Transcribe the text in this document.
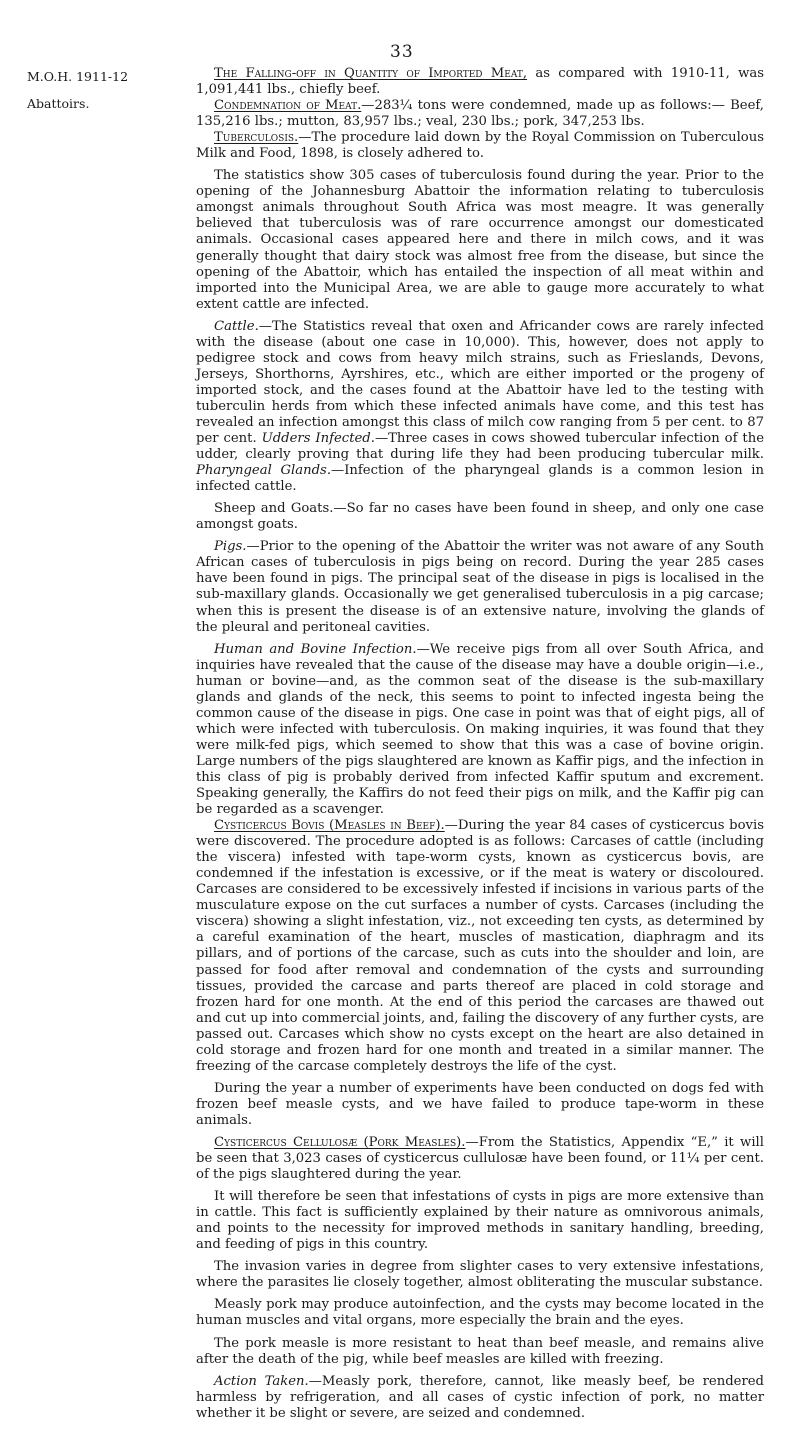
33
M.O.H. 1911-12
Abattoirs.

The Falling-off in Quantity of Imported Meat, as compared with 1910-11, was 1,091,441 lbs., chiefly beef.

Condemnation of Meat.—283¼ tons were condemned, made up as follows:— Beef, 135,216 lbs.; mutton, 83,957 lbs.; veal, 230 lbs.; pork, 347,253 lbs.

Tuberculosis.—The procedure laid down by the Royal Commission on Tuberculous Milk and Food, 1898, is closely adhered to.

The statistics show 305 cases of tuberculosis found during the year. Prior to the opening of the Johannesburg Abattoir the information relating to tuberculosis amongst animals throughout South Africa was most meagre. It was generally believed that tuberculosis was of rare occurrence amongst our domesticated animals. Occasional cases appeared here and there in milch cows, and it was generally thought that dairy stock was almost free from the disease, but since the opening of the Abattoir, which has entailed the inspection of all meat within and imported into the Municipal Area, we are able to gauge more accurately to what extent cattle are infected.

Cattle.—The Statistics reveal that oxen and Africander cows are rarely infected with the disease (about one case in 10,000). This, however, does not apply to pedigree stock and cows from heavy milch strains, such as Frieslands, Devons, Jerseys, Shorthorns, Ayrshires, etc., which are either imported or the progeny of imported stock, and the cases found at the Abattoir have led to the testing with tuberculin herds from which these infected animals have come, and this test has revealed an infection amongst this class of milch cow ranging from 5 per cent. to 87 per cent. Udders Infected.—Three cases in cows showed tubercular infection of the udder, clearly proving that during life they had been producing tubercular milk. Pharyngeal Glands.—Infection of the pharyngeal glands is a common lesion in infected cattle.

Sheep and Goats.—So far no cases have been found in sheep, and only one case amongst goats.

Pigs.—Prior to the opening of the Abattoir the writer was not aware of any South African cases of tuberculosis in pigs being on record. During the year 285 cases have been found in pigs. The principal seat of the disease in pigs is localised in the sub-maxillary glands. Occasionally we get generalised tuberculosis in a pig carcase; when this is present the disease is of an extensive nature, involving the glands of the pleural and peritoneal cavities.

Human and Bovine Infection.—We receive pigs from all over South Africa, and inquiries have revealed that the cause of the disease may have a double origin—i.e., human or bovine—and, as the common seat of the disease is the sub-maxillary glands and glands of the neck, this seems to point to infected ingesta being the common cause of the disease in pigs. One case in point was that of eight pigs, all of which were infected with tuberculosis. On making inquiries, it was found that they were milk-fed pigs, which seemed to show that this was a case of bovine origin. Large numbers of the pigs slaughtered are known as Kaffir pigs, and the infection in this class of pig is probably derived from infected Kaffir sputum and excrement. Speaking generally, the Kaffirs do not feed their pigs on milk, and the Kaffir pig can be regarded as a scavenger.

Cysticercus Bovis (Measles in Beef).—During the year 84 cases of cysticercus bovis were discovered. The procedure adopted is as follows: Carcases of cattle (including the viscera) infested with tape-worm cysts, known as cysticercus bovis, are condemned if the infestation is excessive, or if the meat is watery or discoloured. Carcases are considered to be excessively infested if incisions in various parts of the musculature expose on the cut surfaces a number of cysts. Carcases (including the viscera) showing a slight infestation, viz., not exceeding ten cysts, as determined by a careful examination of the heart, muscles of mastication, diaphragm and its pillars, and of portions of the carcase, such as cuts into the shoulder and loin, are passed for food after removal and condemnation of the cysts and surrounding tissues, provided the carcase and parts thereof are placed in cold storage and frozen hard for one month. At the end of this period the carcases are thawed out and cut up into commercial joints, and, failing the discovery of any further cysts, are passed out. Carcases which show no cysts except on the heart are also detained in cold storage and frozen hard for one month and treated in a similar manner. The freezing of the carcase completely destroys the life of the cyst.

During the year a number of experiments have been conducted on dogs fed with frozen beef measle cysts, and we have failed to produce tape-worm in these animals.

Cysticercus Cellulosæ (Pork Measles).—From the Statistics, Appendix “E,” it will be seen that 3,023 cases of cysticercus cullulosæ have been found, or 11¼ per cent. of the pigs slaughtered during the year.

It will therefore be seen that infestations of cysts in pigs are more extensive than in cattle. This fact is sufficiently explained by their nature as omnivorous animals, and points to the necessity for improved methods in sanitary handling, breeding, and feeding of pigs in this country.

The invasion varies in degree from slighter cases to very extensive infestations, where the parasites lie closely together, almost obliterating the muscular substance.

Measly pork may produce autoinfection, and the cysts may become located in the human muscles and vital organs, more especially the brain and the eyes.

The pork measle is more resistant to heat than beef measle, and remains alive after the death of the pig, while beef measles are killed with freezing.

Action Taken.—Measly pork, therefore, cannot, like measly beef, be rendered harmless by refrigeration, and all cases of cystic infection of pork, no matter whether it be slight or severe, are seized and condemned.
